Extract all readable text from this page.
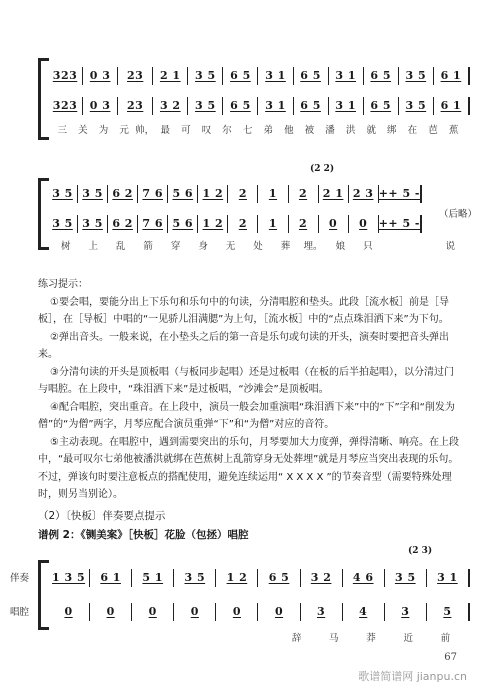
323	0 3	23	2 1	3 5	6 5	3 1	6 5	3 1	6 5	3 5	6 1
323	0 3	23	3 2	3 5	6 5	3 1	6 5	3 1	6 5	3 5	6 1
三	关	为	元 帅， 最	可	叹	尔	七	弟	他	被	潘	洪	就	绑	在	芭	蕉
(2 2)
3 5 3 5 6 2 7 6 5 6 1 2	2	1	2	2 1 2 3 ++ 5 -
3 5 3 5 6 2 7 6 5 6 1 2	2	1	2	0	0	++ 5 -
树	上	乱	箭	穿	身	无	处	葬	埋。	娘	只	说
（后略）

练习提示：

①要会唱，要能分出上下乐句和乐句中的句读，分清唱腔和垫头。此段［流水板］前是［导板］，在［导板］中唱的“一见骄儿泪满腮”为上句，［流水板］中的“点点珠泪洒下来”为下句。

②弹出音头。一般来说，在小垫头之后的第一音是乐句或句读的开头，演奏时要把音头弹出来。

③分清句读的开头是顶板唱（与板同步起唱）还是过板唱（在板的后半拍起唱），以分清过门与唱腔。在上段中，“珠泪洒下来”是过板唱，“沙滩会”是顶板唱。

④配合唱腔，突出重音。在上段中，演员一般会加重演唱“珠泪洒下来”中的“下”字和“削发为僧”的“为僧”两字，月琴应配合演员重弹“下”和“为僧”对应的音符。

⑤主动表现。在唱腔中，遇到需要突出的乐句，月琴要加大力度弹，弹得清晰、响亮。在上段中，“最可叹尔七弟他被潘洪就绑在芭蕉树上乱箭穿身无处葬埋”就是月琴应当突出表现的乐句。不过，弹该句时要注意板点的搭配使用，避免连续运用“ X X X X ”的节奏音型（需要特殊处理时，则另当别论）。

（2）〔快板〕伴奏要点提示
谱例 2：《铡美案》［快板］花脸（包拯）唱腔
伴奏
唱腔
(2 3)
1 3 5	6 1	5 1	3 5	1 2	6 5	3 2	4 6	3 5	3 1
0	0	0	0	0	0	3	4	3	5
辞	马	莽	近	前
67
歌谱简谱网 jianpu.cn
